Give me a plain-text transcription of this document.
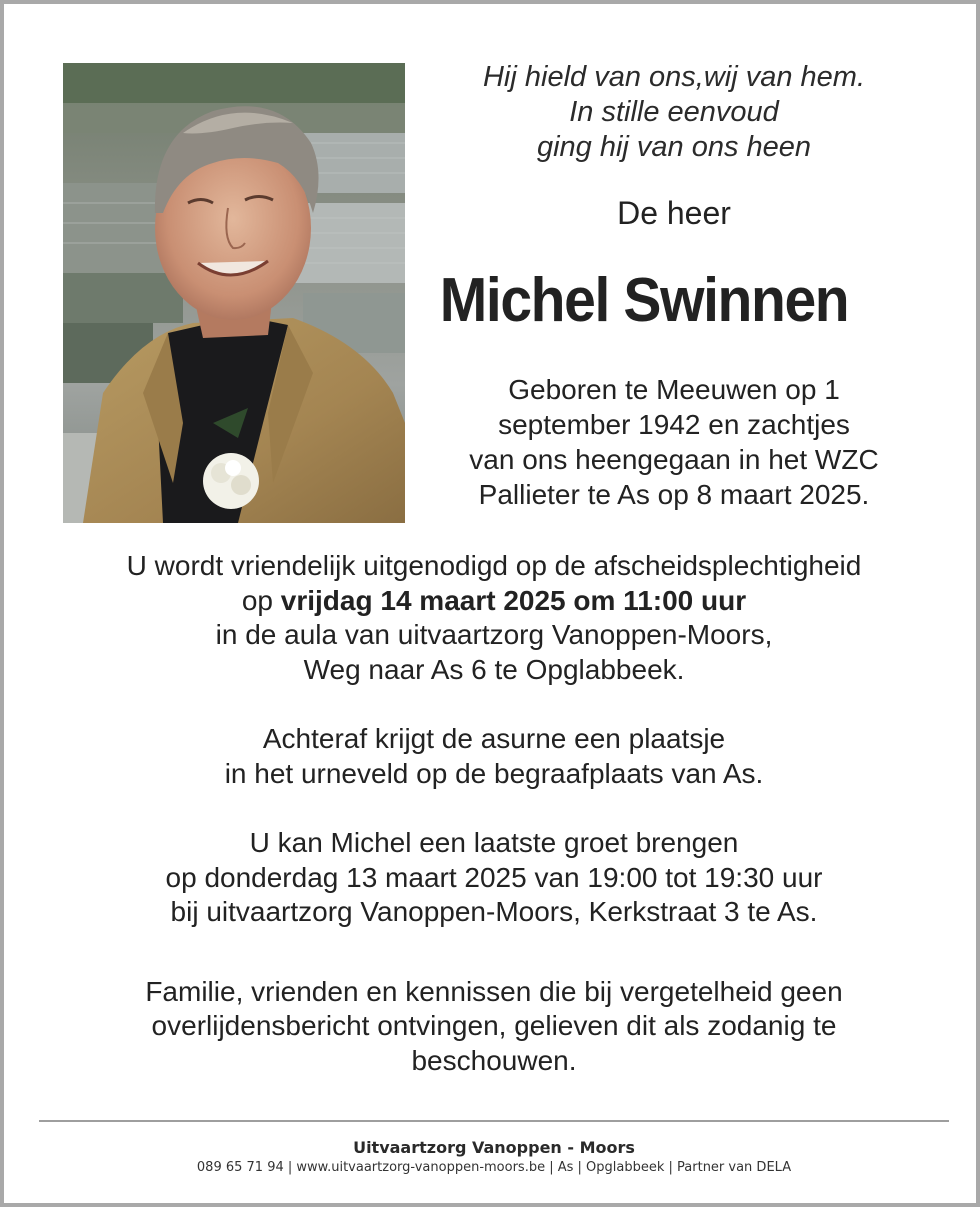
Hij hield van ons,wij van hem.
In stille eenvoud
ging hij van ons heen
De heer
Michel Swinnen
Geboren te Meeuwen op 1
september 1942 en zachtjes
van ons heengegaan in het WZC
Pallieter te As op 8 maart 2025.
U wordt vriendelijk uitgenodigd op de afscheidsplechtigheid
op vrijdag 14 maart 2025 om 11:00 uur
in de aula van uitvaartzorg Vanoppen-Moors,
Weg naar As 6 te Opglabbeek.
Achteraf krijgt de asurne een plaatsje
in het urneveld op de begraafplaats van As.
U kan Michel een laatste groet brengen
op donderdag 13 maart 2025 van 19:00 tot 19:30 uur
bij uitvaartzorg Vanoppen-Moors, Kerkstraat 3 te As.
Familie, vrienden en kennissen die bij vergetelheid geen
overlijdensbericht ontvingen, gelieven dit als zodanig te
beschouwen.
Uitvaartzorg Vanoppen - Moors
089 65 71 94 | www.uitvaartzorg-vanoppen-moors.be | As | Opglabbeek | Partner van DELA
